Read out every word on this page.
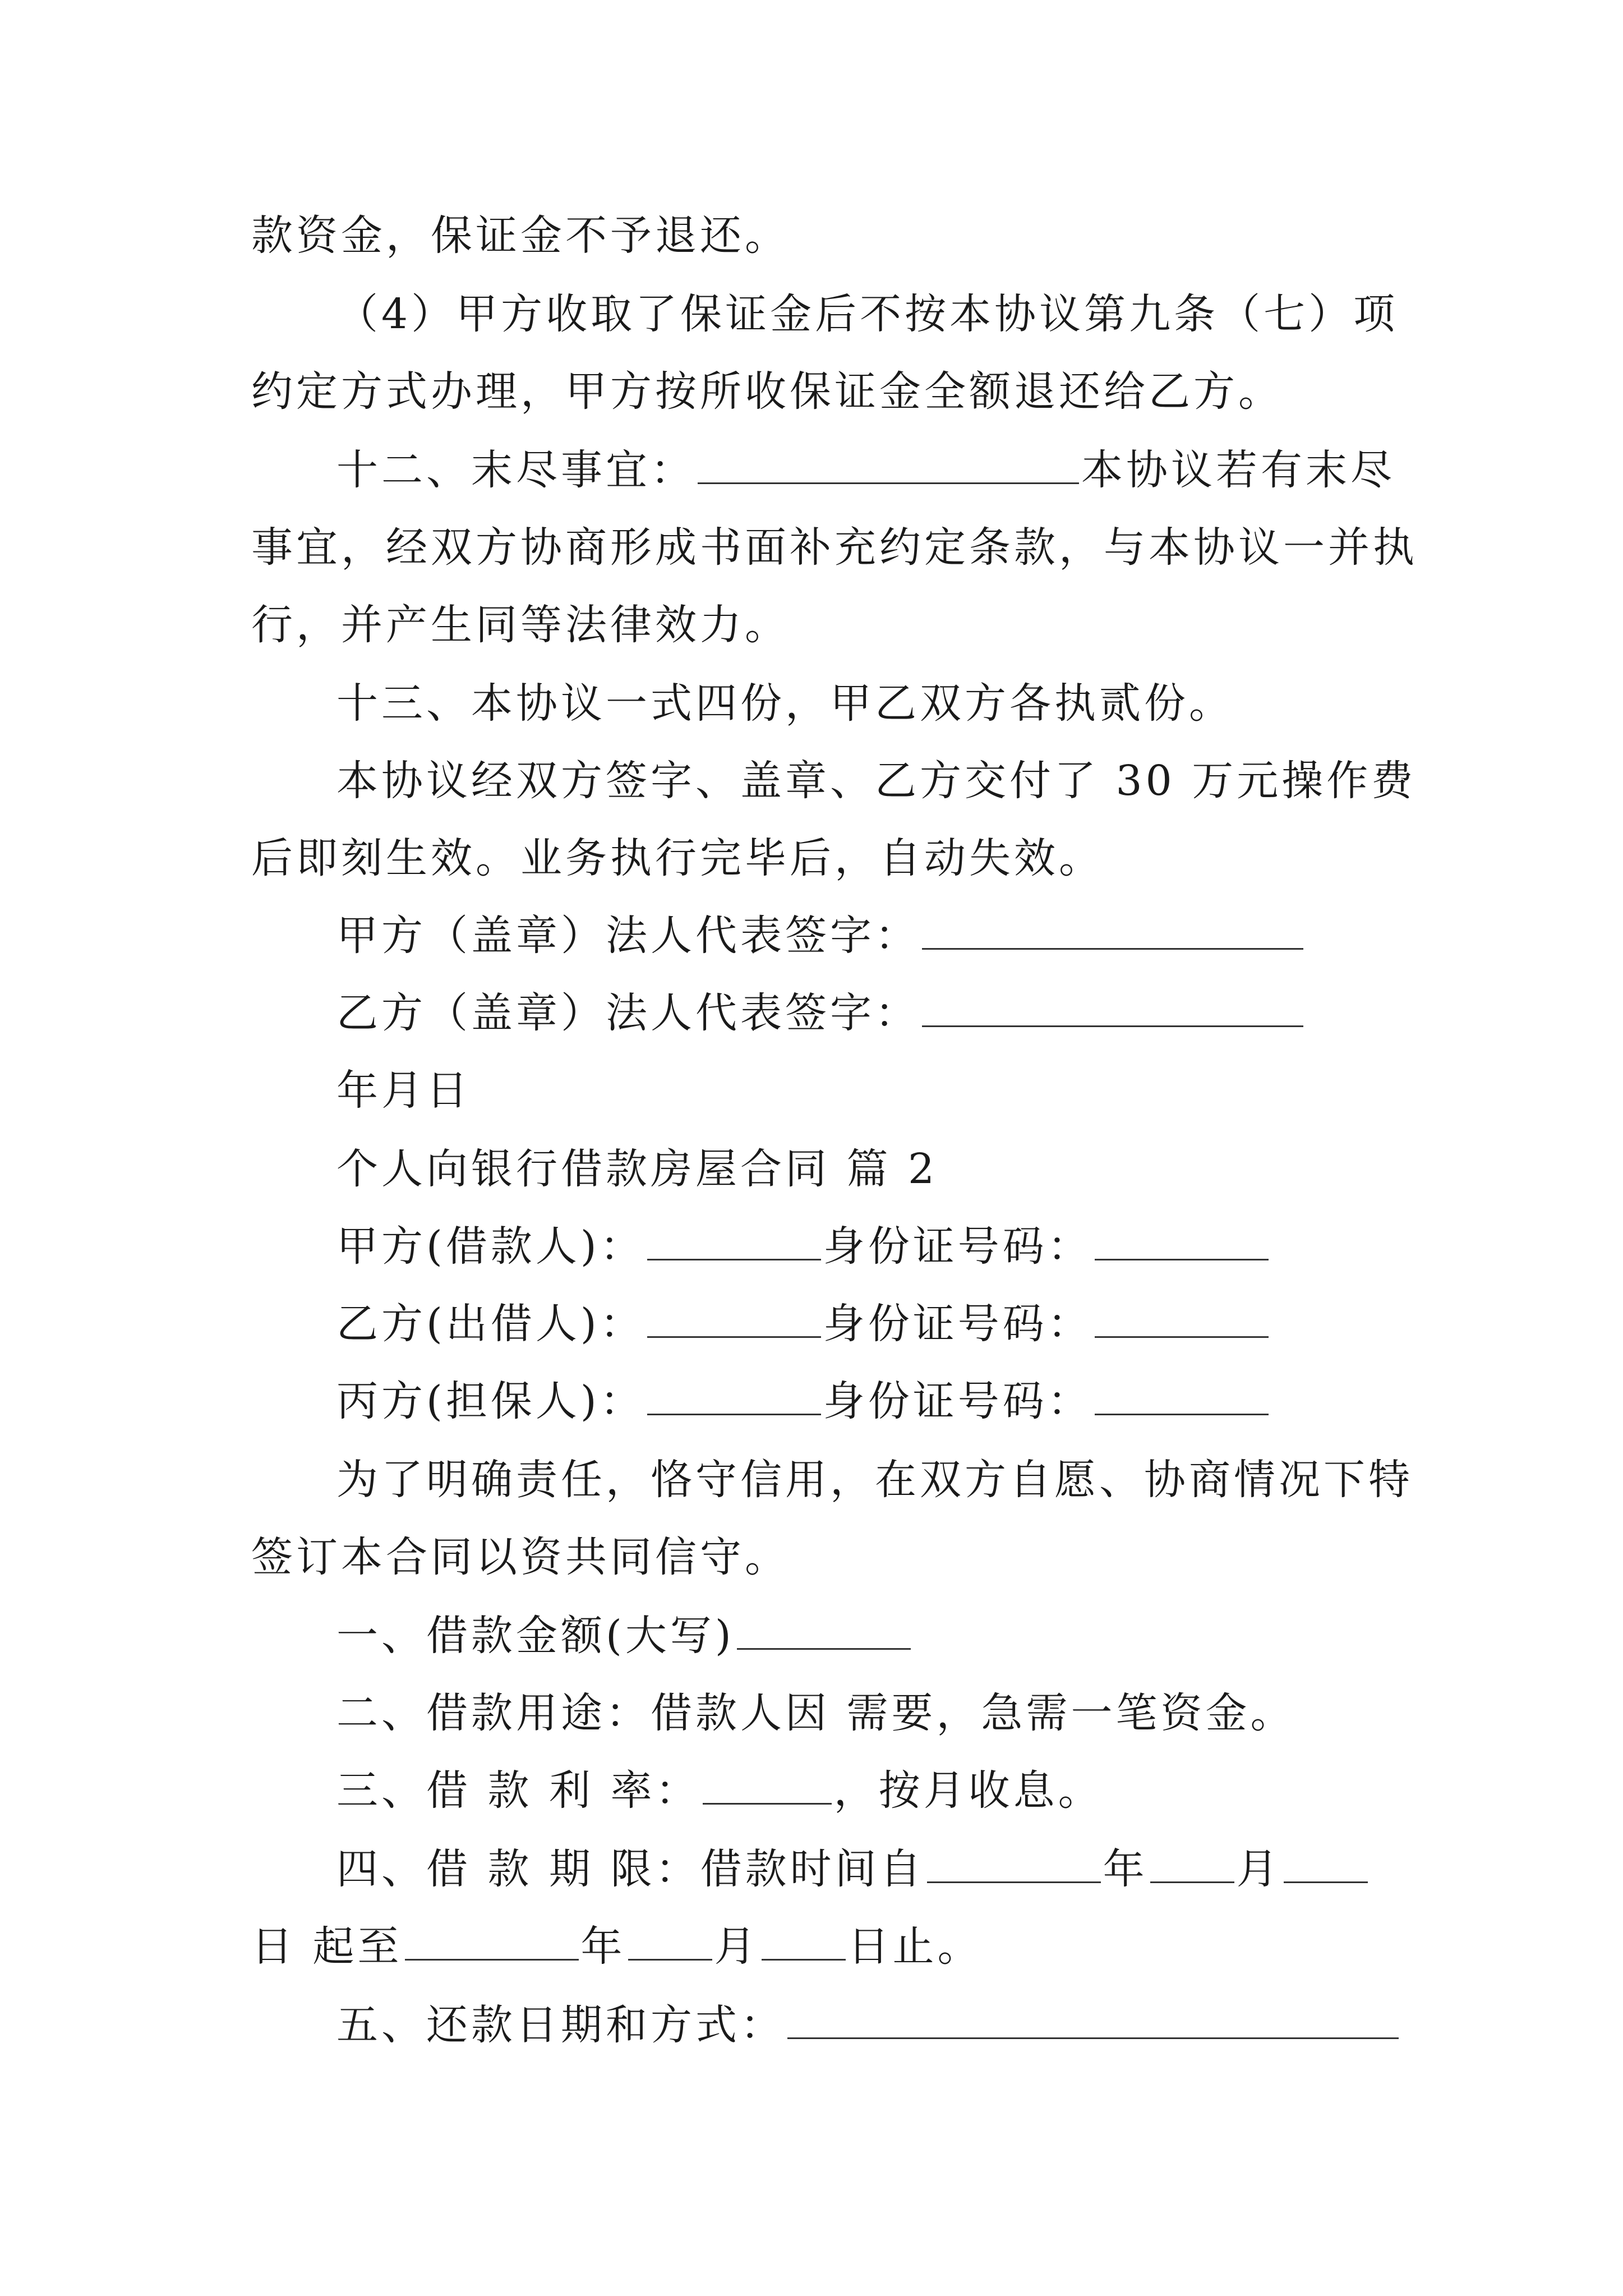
款资金，保证金不予退还。
（4）甲方收取了保证金后不按本协议第九条（七）项
约定方式办理，甲方按所收保证金全额退还给乙方。
十二、末尽事宜：	本协议若有末尽
事宜，经双方协商形成书面补充约定条款，与本协议一并执
行，并产生同等法律效力。
十三、本协议一式四份，甲乙双方各执贰份。
本协议经双方签字、盖章、乙方交付了 30 万元操作费
后即刻生效。业务执行完毕后，自动失效。
甲方（盖章）法人代表签字：
乙方（盖章）法人代表签字：
年月日
个人向银行借款房屋合同 篇 2
甲方(借款人)：	身份证号码：
乙方(出借人)：	身份证号码：
丙方(担保人)：	身份证号码：
为了明确责任，恪守信用，在双方自愿、协商情况下特
签订本合同以资共同信守。
一、借款金额(大写)
二、借款用途：借款人因 需要，急需一笔资金。
三、借 款 利 率：	，按月收息。
四、借 款 期 限：借款时间自	年 月
日 起至	年 月 日止。
五、还款日期和方式：
